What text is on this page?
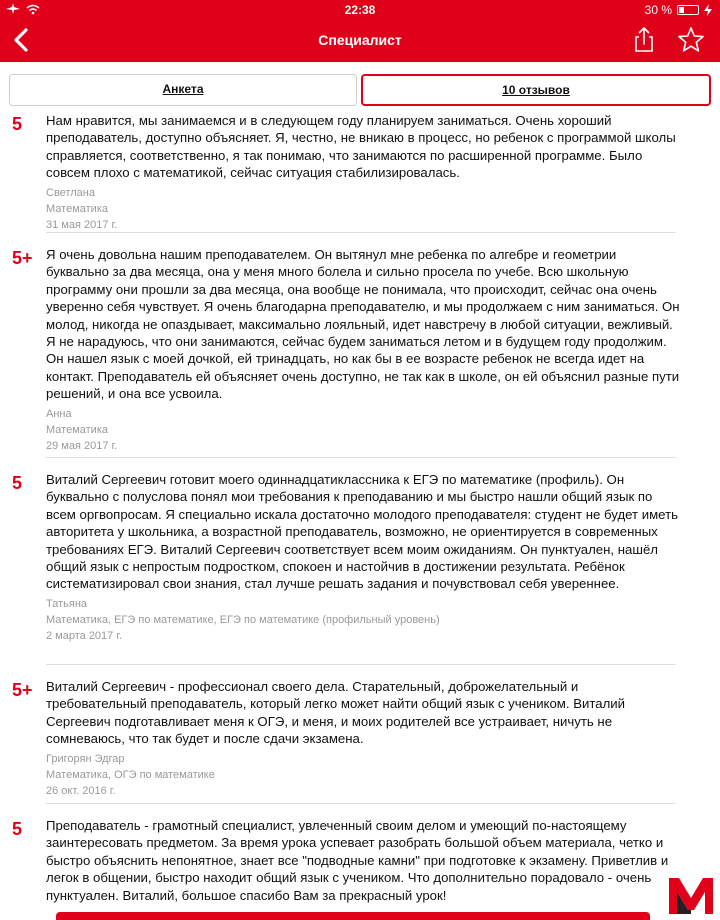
22:38	30 %
Специалист
Анкета	10 отзывов
5 Нам нравится, мы занимаемся и в следующем году планируем заниматься. Очень хороший преподаватель, доступно объясняет. Я, честно, не вникаю в процесс, но ребенок с программой школы справляется, соответственно, я так понимаю, что занимаются по расширенной программе. Было совсем плохо с математикой, сейчас ситуация стабилизировалась.
Светлана
Математика
31 мая 2017 г.
5+ Я очень довольна нашим преподавателем. Он вытянул мне ребенка по алгебре и геометрии буквально за два месяца, она у меня много болела и сильно просела по учебе. Всю школьную программу они прошли за два месяца, она вообще не понимала, что происходит, сейчас она очень уверенно себя чувствует. Я очень благодарна преподавателю, и мы продолжаем с ним заниматься. Он молод, никогда не опаздывает, максимально лояльный, идет навстречу в любой ситуации, вежливый. Я не нарадуюсь, что они занимаются, сейчас будем заниматься летом и в будущем году продолжим. Он нашел язык с моей дочкой, ей тринадцать, но как бы в ее возрасте ребенок не всегда идет на контакт. Преподаватель ей объясняет очень доступно, не так как в школе, он ей объяснил разные пути решений, и она все усвоила.
Анна
Математика
29 мая 2017 г.
5 Виталий Сергеевич готовит моего одиннадцатиклассника к ЕГЭ по математике (профиль). Он буквально с полуслова понял мои требования к преподаванию и мы быстро нашли общий язык по всем оргвопросам. Я специально искала достаточно молодого преподавателя: студент не будет иметь авторитета у школьника, а возрастной преподаватель, возможно, не ориентируется в современных требованиях ЕГЭ. Виталий Сергеевич соответствует всем моим ожиданиям. Он пунктуален, нашёл общий язык с непростым подростком, спокоен и настойчив в достижении результата. Ребёнок систематизировал свои знания, стал лучше решать задания и почувствовал себя увереннее.
Татьяна
Математика, ЕГЭ по математике, ЕГЭ по математике (профильный уровень)
2 марта 2017 г.
5+ Виталий Сергеевич - профессионал своего дела. Старательный, доброжелательный и требовательный преподаватель, который легко может найти общий язык с учеником. Виталий Сергеевич подготавливает меня к ОГЭ, и меня, и моих родителей все устраивает, ничуть не сомневаюсь, что так будет и после сдачи экзамена.
Григорян Эдгар
Математика, ОГЭ по математике
26 окт. 2016 г.
5 Преподаватель - грамотный специалист, увлеченный своим делом и умеющий по-настоящему заинтересовать предметом. За время урока успевает разобрать большой объем материала, четко и быстро объяснить непонятное, знает все "подводные камни" при подготовке к экзамену. Приветлив и легок в общении, быстро находит общий язык с учеником. Что дополнительно порадовало - очень пунктуален. Виталий, большое спасибо Вам за прекрасный урок!
